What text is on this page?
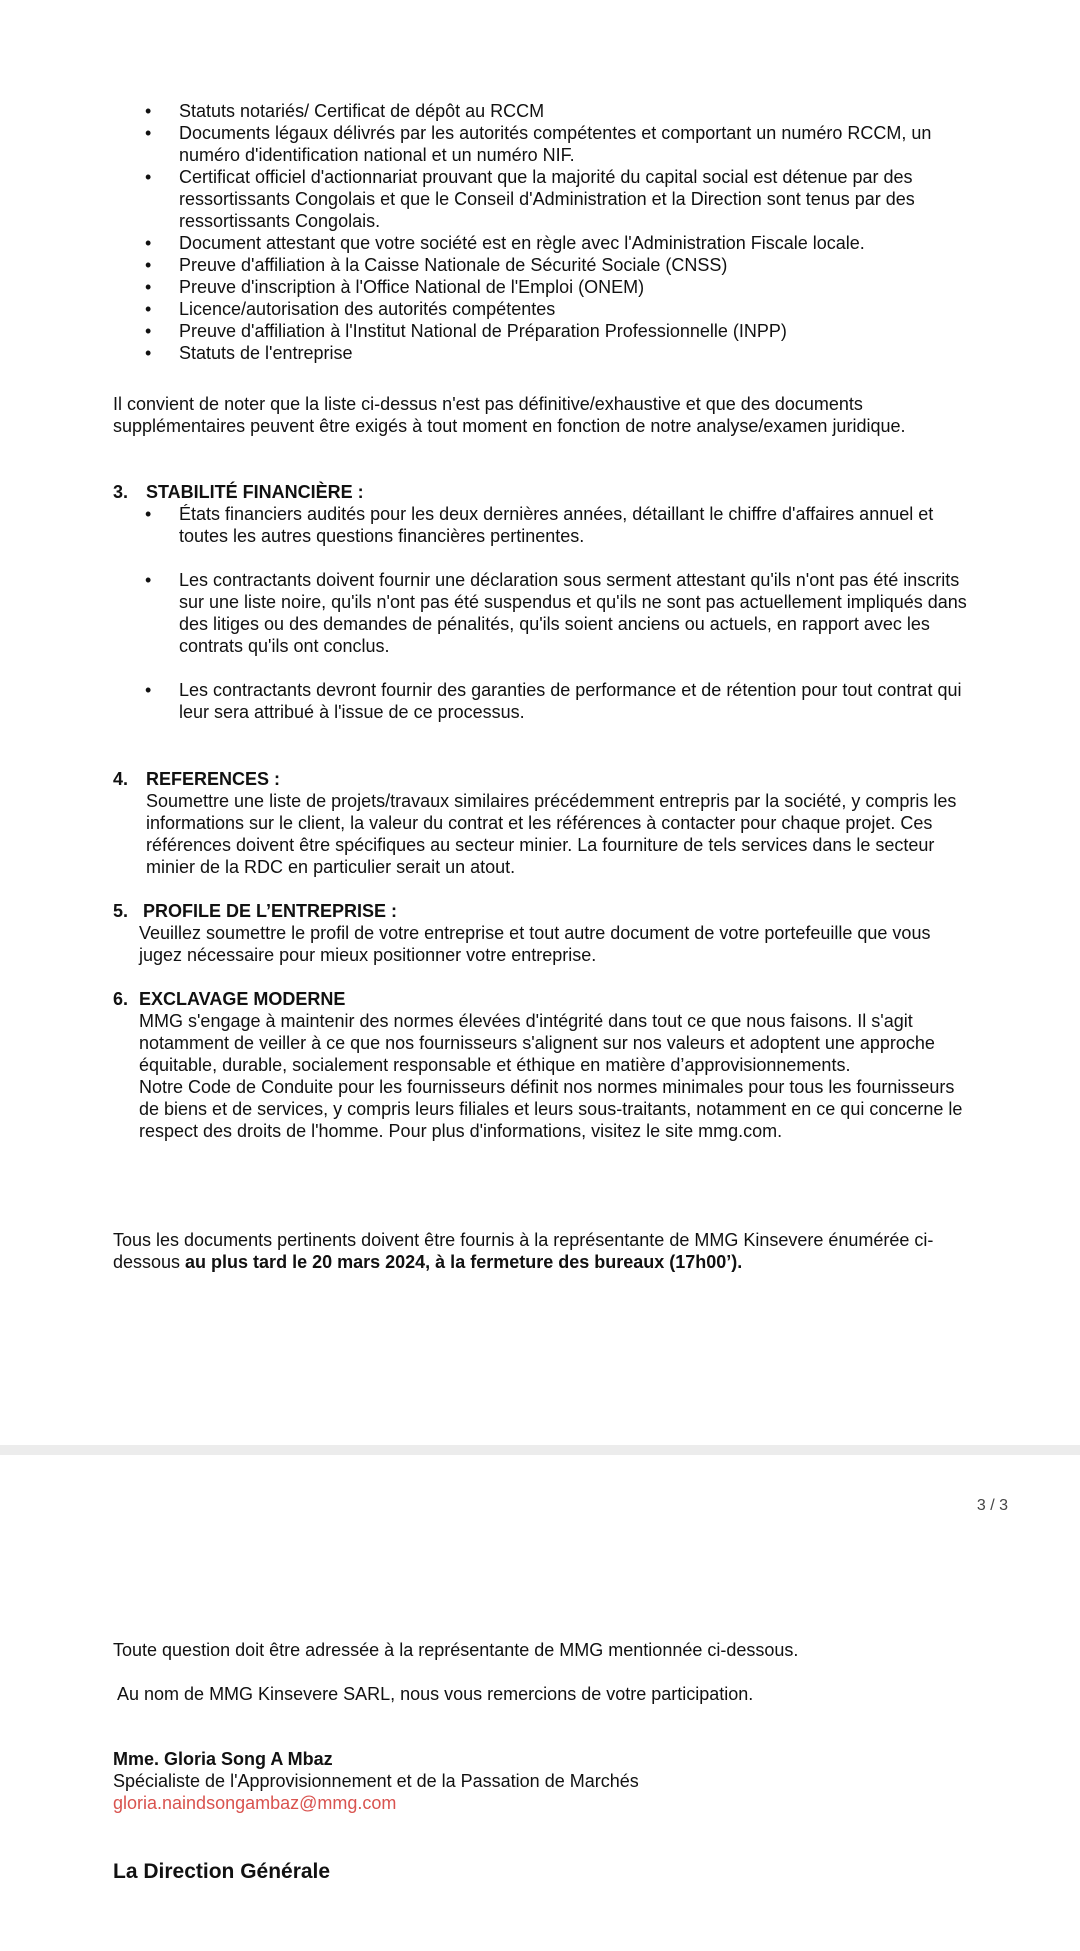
• Statuts notariés/ Certificat de dépôt au RCCM
• Documents légaux délivrés par les autorités compétentes et comportant un numéro RCCM, un numéro d'identification national et un numéro NIF.
• Certificat officiel d'actionnariat prouvant que la majorité du capital social est détenue par des ressortissants Congolais et que le Conseil d'Administration et la Direction sont tenus par des ressortissants Congolais.
• Document attestant que votre société est en règle avec l'Administration Fiscale locale.
• Preuve d'affiliation à la Caisse Nationale de Sécurité Sociale (CNSS)
• Preuve d'inscription à l'Office National de l'Emploi (ONEM)
• Licence/autorisation des autorités compétentes
• Preuve d'affiliation à l'Institut National de Préparation Professionnelle (INPP)
• Statuts de l'entreprise

Il convient de noter que la liste ci-dessus n'est pas définitive/exhaustive et que des documents supplémentaires peuvent être exigés à tout moment en fonction de notre analyse/examen juridique.

3. STABILITÉ FINANCIÈRE :

• États financiers audités pour les deux dernières années, détaillant le chiffre d'affaires annuel et toutes les autres questions financières pertinentes.
• Les contractants doivent fournir une déclaration sous serment attestant qu'ils n'ont pas été inscrits sur une liste noire, qu'ils n'ont pas été suspendus et qu'ils ne sont pas actuellement impliqués dans des litiges ou des demandes de pénalités, qu'ils soient anciens ou actuels, en rapport avec les contrats qu'ils ont conclus.
• Les contractants devront fournir des garanties de performance et de rétention pour tout contrat qui leur sera attribué à l'issue de ce processus.

4. REFERENCES :

Soumettre une liste de projets/travaux similaires précédemment entrepris par la société, y compris les informations sur le client, la valeur du contrat et les références à contacter pour chaque projet. Ces références doivent être spécifiques au secteur minier. La fourniture de tels services dans le secteur minier de la RDC en particulier serait un atout.

5. PROFILE DE L’ENTREPRISE :

Veuillez soumettre le profil de votre entreprise et tout autre document de votre portefeuille que vous jugez nécessaire pour mieux positionner votre entreprise.

6. EXCLAVAGE MODERNE

MMG s'engage à maintenir des normes élevées d'intégrité dans tout ce que nous faisons. Il s'agit notamment de veiller à ce que nos fournisseurs s'alignent sur nos valeurs et adoptent une approche équitable, durable, socialement responsable et éthique en matière d’approvisionnements.

Notre Code de Conduite pour les fournisseurs définit nos normes minimales pour tous les fournisseurs de biens et de services, y compris leurs filiales et leurs sous-traitants, notamment en ce qui concerne le respect des droits de l'homme. Pour plus d'informations, visitez le site mmg.com.

Tous les documents pertinents doivent être fournis à la représentante de MMG Kinsevere énumérée ci-dessous au plus tard le 20 mars 2024, à la fermeture des bureaux (17h00’).

3 / 3

Toute question doit être adressée à la représentante de MMG mentionnée ci-dessous.

Au nom de MMG Kinsevere SARL, nous vous remercions de votre participation.

Mme. Gloria Song A Mbaz

Spécialiste de l'Approvisionnement et de la Passation de Marchés

gloria.naindsongambaz@mmg.com

La Direction Générale
